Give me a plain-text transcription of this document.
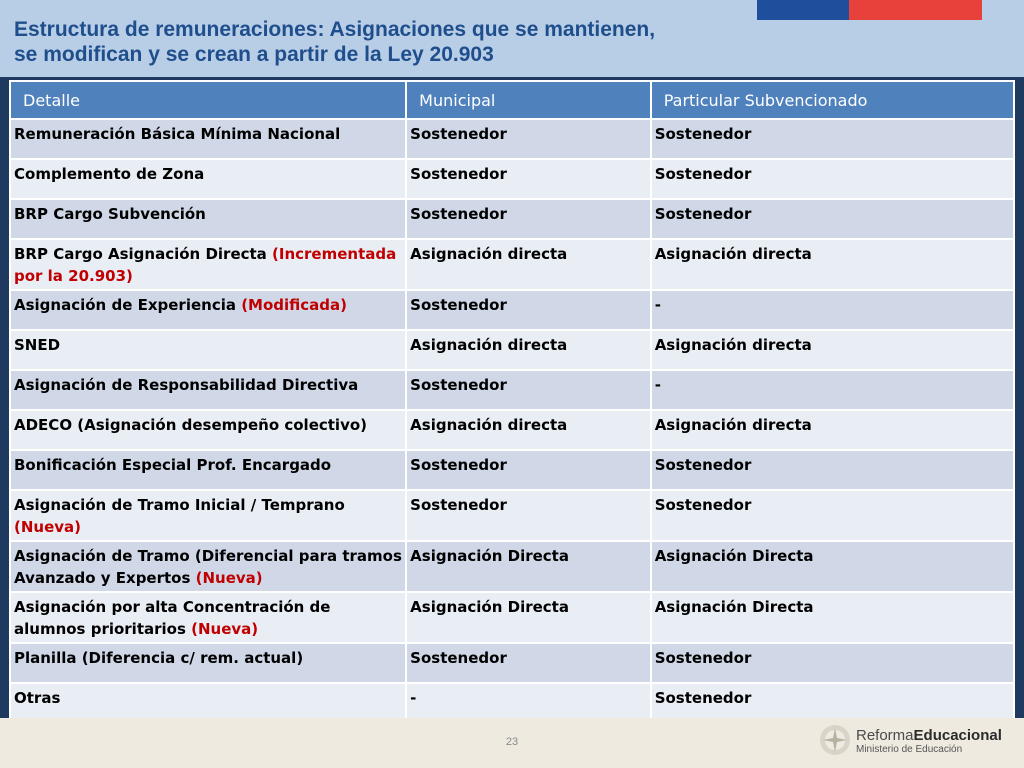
Estructura de remuneraciones: Asignaciones que se mantienen,
se modifican y se crean a partir de la Ley 20.903
Detalle	Municipal	Particular Subvencionado
Remuneración Básica Mínima Nacional	Sostenedor	Sostenedor
Complemento de Zona	Sostenedor	Sostenedor
BRP Cargo Subvención	Sostenedor	Sostenedor
BRP Cargo Asignación Directa (Incrementada por la 20.903)	Asignación directa	Asignación directa
Asignación de Experiencia (Modificada)	Sostenedor	-
SNED	Asignación directa	Asignación directa
Asignación de Responsabilidad Directiva	Sostenedor	-
ADECO (Asignación desempeño colectivo)	Asignación directa	Asignación directa
Bonificación Especial Prof. Encargado	Sostenedor	Sostenedor
Asignación de Tramo Inicial / Temprano (Nueva)	Sostenedor	Sostenedor
Asignación de Tramo (Diferencial para tramos Avanzado y Expertos (Nueva)	Asignación Directa	Asignación Directa
Asignación por alta Concentración de alumnos prioritarios (Nueva)	Asignación Directa	Asignación Directa
Planilla (Diferencia c/ rem. actual)	Sostenedor	Sostenedor
Otras	-	Sostenedor
23	ReformaEducacional
Ministerio de Educación
